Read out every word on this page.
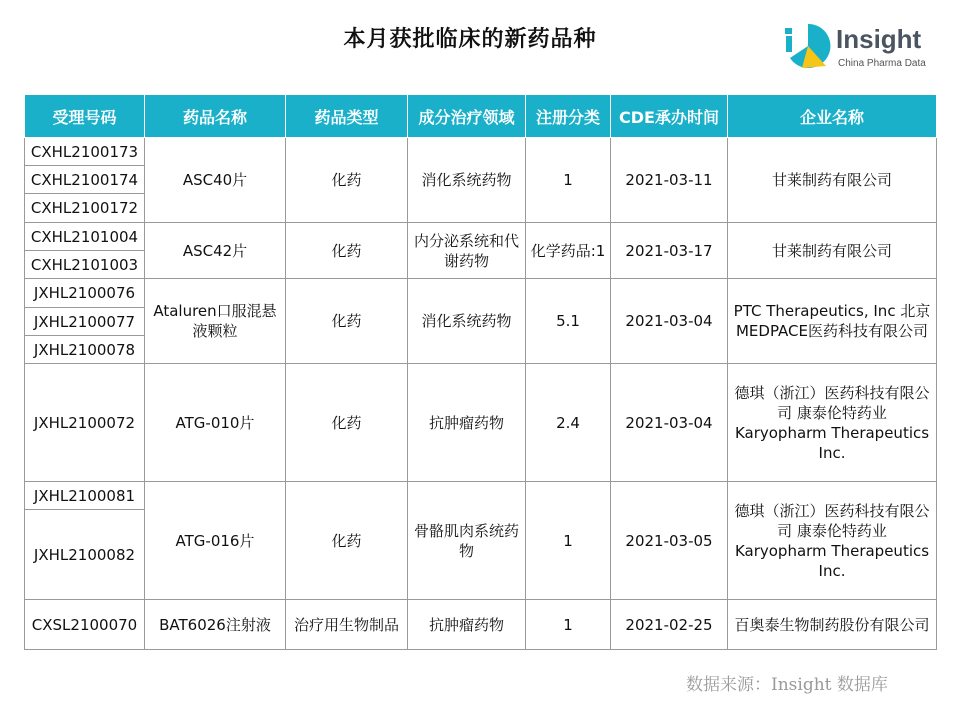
本月获批临床的新药品种	Insight
China Pharma Data
受理号码	药品名称	药品类型	成分治疗领域	注册分类	CDE承办时间	企业名称
CXHL2100173	ASC40片	化药	消化系统药物	1	2021-03-11	甘莱制药有限公司
CXHL2100174						
CXHL2100172						
CXHL2101004	ASC42片	化药	内分泌系统和代谢药物	化学药品:1	2021-03-17	甘莱制药有限公司
CXHL2101003						
JXHL2100076	Ataluren口服混悬液颗粒	化药	消化系统药物	5.1	2021-03-04	PTC Therapeutics, Inc 北京MEDPACE医药科技有限公司
JXHL2100077						
JXHL2100078						
JXHL2100072	ATG-010片	化药	抗肿瘤药物	2.4	2021-03-04	德琪（浙江）医药科技有限公司 康泰伦特药业 Karyopharm Therapeutics Inc.
JXHL2100081	ATG-016片	化药	骨骼肌肉系统药物	1	2021-03-05	德琪（浙江）医药科技有限公司 康泰伦特药业 Karyopharm Therapeutics Inc.
JXHL2100082						
CXSL2100070	BAT6026注射液	治疗用生物制品	抗肿瘤药物	1	2021-02-25	百奥泰生物制药股份有限公司
数据来源：Insight 数据库
